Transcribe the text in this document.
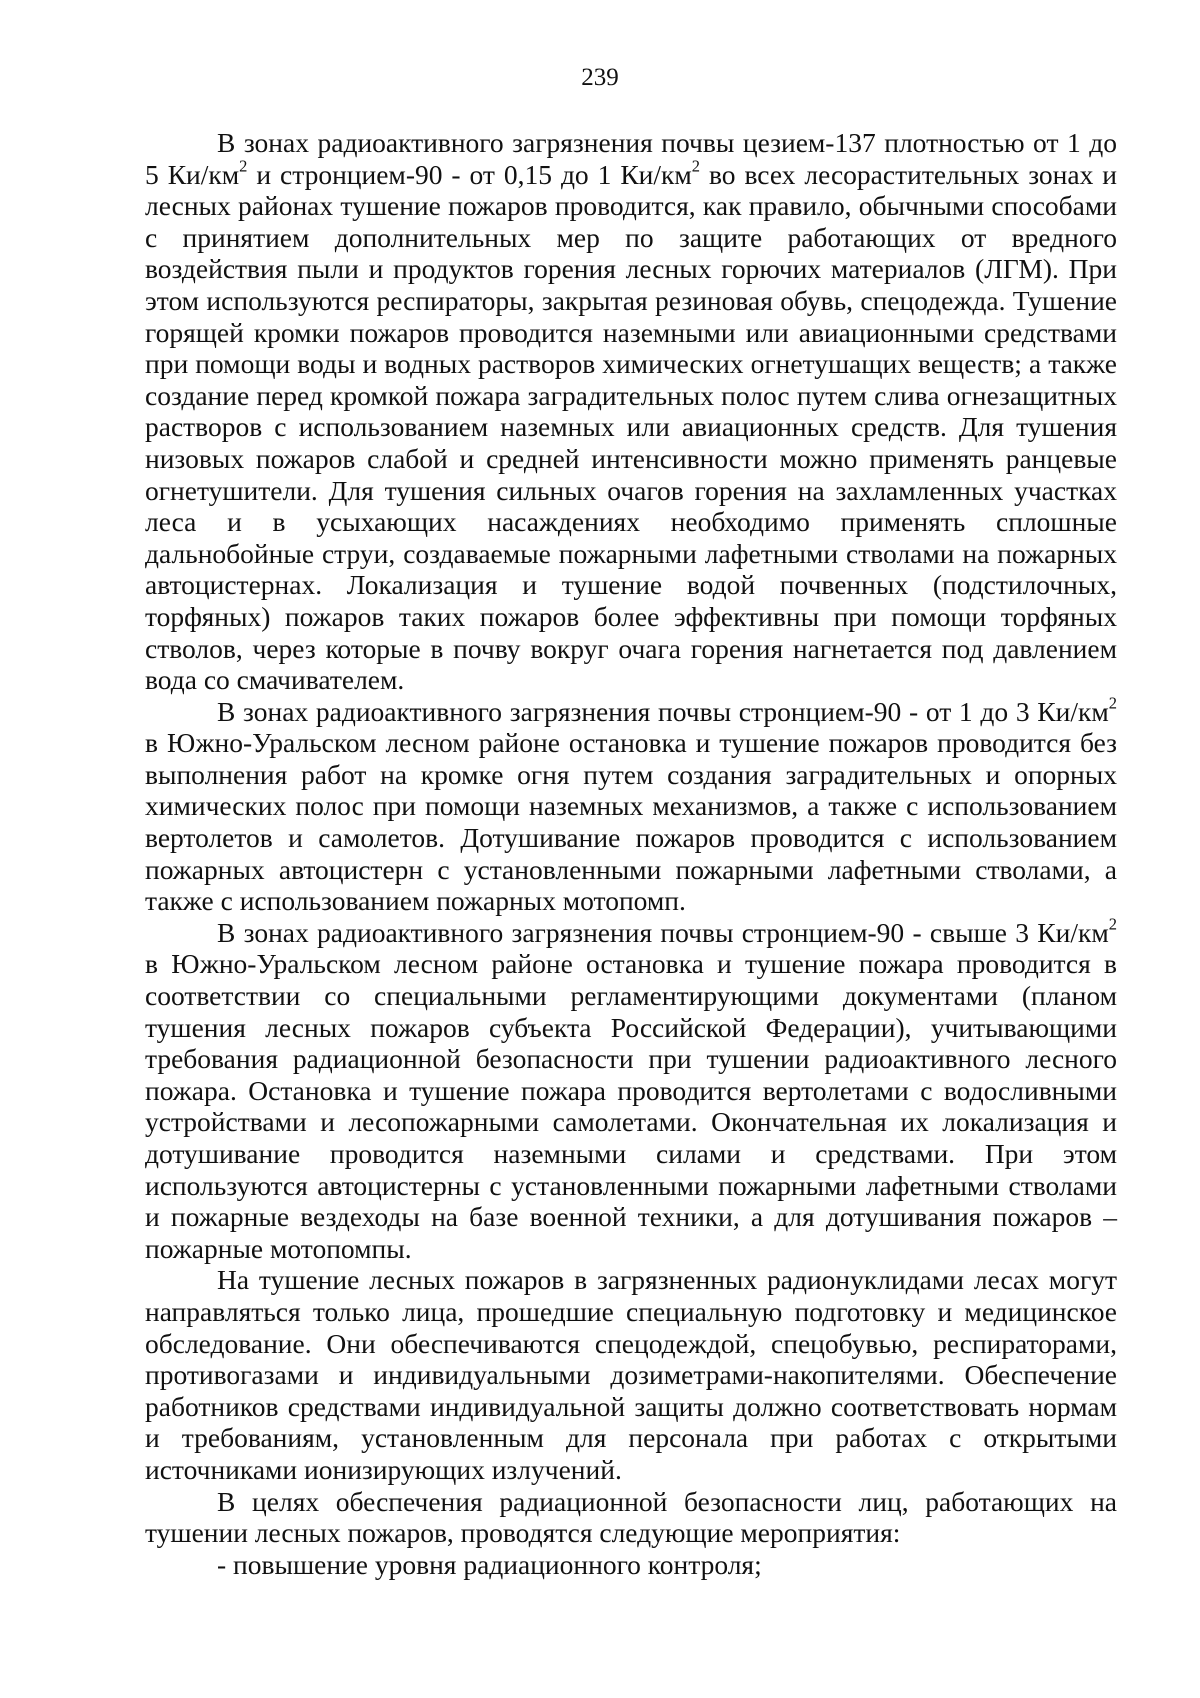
239

В зонах радиоактивного загрязнения почвы цезием-137 плотностью от 1 до 5 $Ки/км^2$ и стронцием-90 - от 0,15 до 1 $Ки/км^2$ во всех лесорастительных зонах и лесных районах тушение пожаров проводится, как правило, обычными способами с принятием дополнительных мер по защите работающих от вредного воздействия пыли и продуктов горения лесных горючих материалов (ЛГМ). При этом используются респираторы, закрытая резиновая обувь, спецодежда. Тушение горящей кромки пожаров проводится наземными или авиационными средствами при помощи воды и водных растворов химических огнетушащих веществ; а также создание перед кромкой пожара заградительных полос путем слива огнезащитных растворов с использованием наземных или авиационных средств. Для тушения низовых пожаров слабой и средней интенсивности можно применять ранцевые огнетушители. Для тушения сильных очагов горения на захламленных участках леса и в усыхающих насаждениях необходимо применять сплошные дальнобойные струи, создаваемые пожарными лафетными стволами на пожарных автоцистернах. Локализация и тушение водой почвенных (подстилочных, торфяных) пожаров таких пожаров более эффективны при помощи торфяных стволов, через которые в почву вокруг очага горения нагнетается под давлением вода со смачивателем.

В зонах радиоактивного загрязнения почвы стронцием-90 - от 1 до 3 $Ки/км^2$ в Южно-Уральском лесном районе остановка и тушение пожаров проводится без выполнения работ на кромке огня путем создания заградительных и опорных химических полос при помощи наземных механизмов, а также с использованием вертолетов и самолетов. Дотушивание пожаров проводится с использованием пожарных автоцистерн с установленными пожарными лафетными стволами, а также с использованием пожарных мотопомп.

В зонах радиоактивного загрязнения почвы стронцием-90 - свыше 3 $Ки/км^2$ в Южно-Уральском лесном районе остановка и тушение пожара проводится в соответствии со специальными регламентирующими документами (планом тушения лесных пожаров субъекта Российской Федерации), учитывающими требования радиационной безопасности при тушении радиоактивного лесного пожара. Остановка и тушение пожара проводится вертолетами с водосливными устройствами и лесопожарными самолетами. Окончательная их локализация и дотушивание проводится наземными силами и средствами. При этом используются автоцистерны с установленными пожарными лафетными стволами и пожарные вездеходы на базе военной техники, а для дотушивания пожаров – пожарные мотопомпы.

На тушение лесных пожаров в загрязненных радионуклидами лесах могут направляться только лица, прошедшие специальную подготовку и медицинское обследование. Они обеспечиваются спецодеждой, спецобувью, респираторами, противогазами и индивидуальными дозиметрами-накопителями. Обеспечение работников средствами индивидуальной защиты должно соответствовать нормам и требованиям, установленным для персонала при работах с открытыми источниками ионизирующих излучений.

В целях обеспечения радиационной безопасности лиц, работающих на тушении лесных пожаров, проводятся следующие мероприятия:

- повышение уровня радиационного контроля;
